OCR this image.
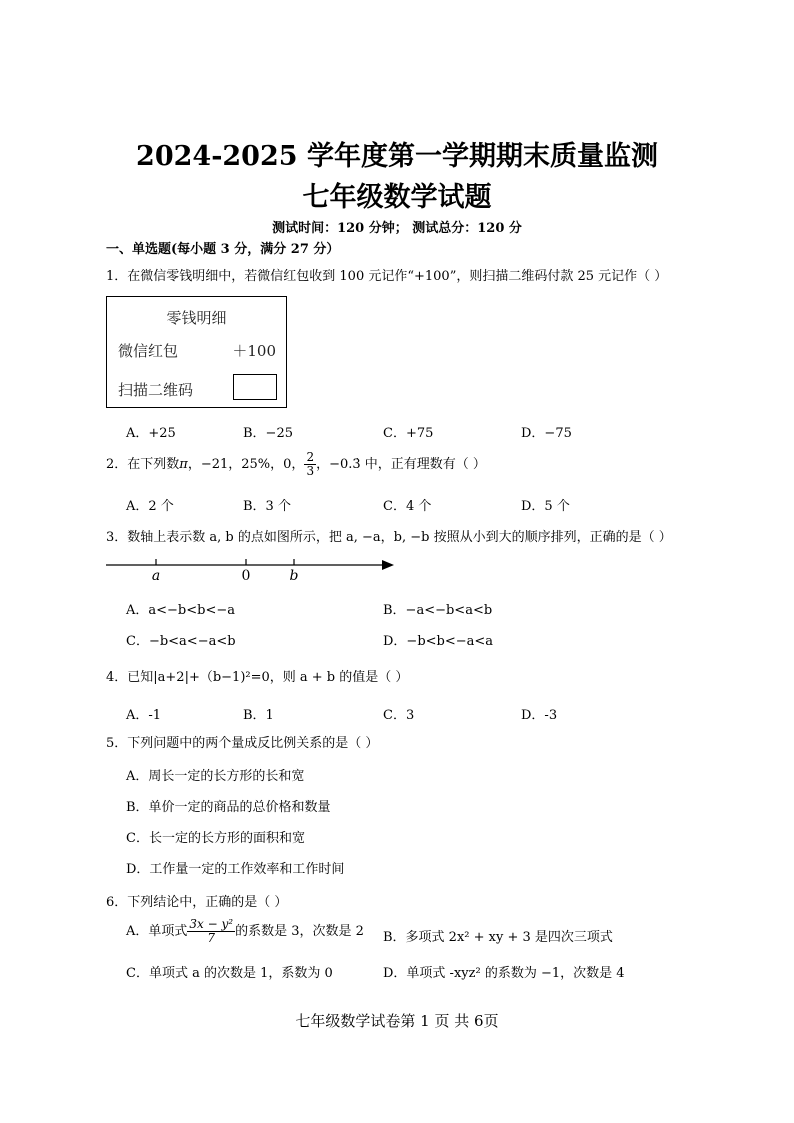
2024-2025 学年度第一学期期末质量监测
七年级数学试题
测试时间：120 分钟； 测试总分：120 分
一、单选题(每小题 3 分，满分 27 分）
1．在微信零钱明细中，若微信红包收到 100 元记作“+100”，则扫描二维码付款 25 元记作（ ）
零钱明细
微信红包	＋100
扫描二维码
A．+25	B．−25	C．+75	D．−75
2．在下列数π，−21，25%，0， $\frac{2}{3}$ ，−0.3̇ 中，正有理数有（ ）
A．2 个	B．3 个	C．4 个	D．5 个
3．数轴上表示数 a, b 的点如图所示，把 a, −a，b, −b 按照从小到大的顺序排列，正确的是（ ）
a	0	b
A．a<−b<b<−a	B．−a<−b<a<b
C．−b<a<−a<b	D．−b<b<−a<a
4．已知|a+2|+（b−1)²=0，则 a + b 的值是（ ）
A．-1	B．1	C．3	D．-3
5．下列问题中的两个量成反比例关系的是（ ）
A．周长一定的长方形的长和宽
B．单价一定的商品的总价格和数量
C．长一定的长方形的面积和宽
D．工作量一定的工作效率和工作时间
6．下列结论中，正确的是（ ）
A．单项式 $\frac{\text{3x − y²}}{7}$ 的系数是 3，次数是 2 B．多项式 2x² + xy + 3 是四次三项式
C．单项式 a 的次数是 1，系数为 0	D．单项式 -xyz² 的系数为 −1，次数是 4
七年级数学试卷第 1 页 共 6页
